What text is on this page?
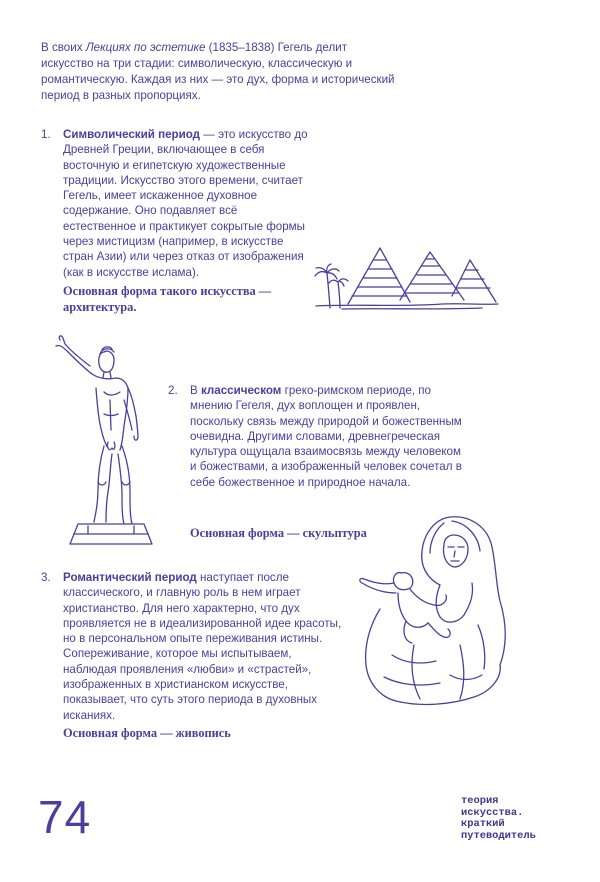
В своих Лекциях по эстетике (1835–1838) Гегель делит искусство на три стадии: символическую, классическую и романтическую. Каждая из них — это дух, форма и исторический период в разных пропорциях.
1. Символический период — это искусство до Древней Греции, включающее в себя восточную и египетскую художественные традиции. Искусство этого времени, считает Гегель, имеет искаженное духовное содержание. Оно подавляет всё естественное и практикует сокрытые формы через мистицизм (например, в искусстве стран Азии) или через отказ от изображения (как в искусстве ислама).
Основная форма такого искусства — архитектура.
2. В классическом греко-римском периоде, по мнению Гегеля, дух воплощен и проявлен, поскольку связь между природой и божественным очевидна. Другими словами, древнегреческая культура ощущала взаимосвязь между человеком и божествами, а изображенный человек сочетал в себе божественное и природное начала.
Основная форма — скульптура
3. Романтический период наступает после классического, и главную роль в нем играет христианство. Для него характерно, что дух проявляется не в идеализированной идее красоты, но в персональном опыте переживания истины. Сопереживание, которое мы испытываем, наблюдая проявления «любви» и «страстей», изображенных в христианском искусстве, показывает, что суть этого периода в духовных исканиях.
Основная форма — живопись
74	теория
искусства.
краткий
путеводитель
